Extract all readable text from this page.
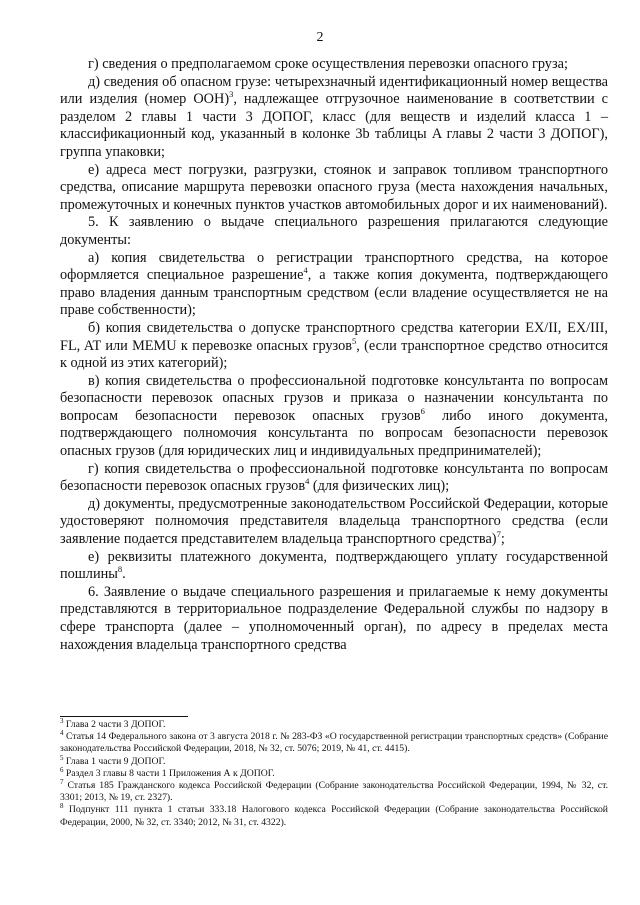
2

г) сведения о предполагаемом сроке осуществления перевозки опасного груза;

д) сведения об опасном грузе: четырехзначный идентификационный номер вещества или изделия (номер ООН)$^3$, надлежащее отгрузочное наименование в соответствии с разделом 2 главы 1 части 3 ДОПОГ, класс (для веществ и изделий класса 1 – классификационный код, указанный в колонке 3b таблицы A главы 2 части 3 ДОПОГ), группа упаковки;

е) адреса мест погрузки, разгрузки, стоянок и заправок топливом транспортного средства, описание маршрута перевозки опасного груза (места нахождения начальных, промежуточных и конечных пунктов участков автомобильных дорог и их наименований).

5. К заявлению о выдаче специального разрешения прилагаются следующие документы:

а) копия свидетельства о регистрации транспортного средства, на которое оформляется специальное разрешение$^4$, а также копия документа, подтверждающего право владения данным транспортным средством (если владение осуществляется не на праве собственности);

б) копия свидетельства о допуске транспортного средства категории EX/II, EX/III, FL, AT или MEMU к перевозке опасных грузов$^5$, (если транспортное средство относится к одной из этих категорий);

в) копия свидетельства о профессиональной подготовке консультанта по вопросам безопасности перевозок опасных грузов и приказа о назначении консультанта по вопросам безопасности перевозок опасных грузов$^6$ либо иного документа, подтверждающего полномочия консультанта по вопросам безопасности перевозок опасных грузов (для юридических лиц и индивидуальных предпринимателей);

г) копия свидетельства о профессиональной подготовке консультанта по вопросам безопасности перевозок опасных грузов$^4$ (для физических лиц);

д) документы, предусмотренные законодательством Российской Федерации, которые удостоверяют полномочия представителя владельца транспортного средства (если заявление подается представителем владельца транспортного средства)$^7$;

е) реквизиты платежного документа, подтверждающего уплату государственной пошлины$^8$.

6. Заявление о выдаче специального разрешения и прилагаемые к нему документы представляются в территориальное подразделение Федеральной службы по надзору в сфере транспорта (далее – уполномоченный орган), по адресу в пределах места нахождения владельца транспортного средства

$^3$ Глава 2 части 3 ДОПОГ.

$^4$ Статья 14 Федерального закона от 3 августа 2018 г. № 283-ФЗ «О государственной регистрации транспортных средств» (Собрание законодательства Российской Федерации, 2018, № 32, ст. 5076; 2019, № 41, ст. 4415).

$^5$ Глава 1 части 9 ДОПОГ.

$^6$ Раздел 3 главы 8 части 1 Приложения А к ДОПОГ.

$^7$ Статья 185 Гражданского кодекса Российской Федерации (Собрание законодательства Российской Федерации, 1994, № 32, ст. 3301; 2013, № 19, ст. 2327).

$^8$ Подпункт 111 пункта 1 статьи 333.18 Налогового кодекса Российской Федерации (Собрание законодательства Российской Федерации, 2000, № 32, ст. 3340; 2012, № 31, ст. 4322).
